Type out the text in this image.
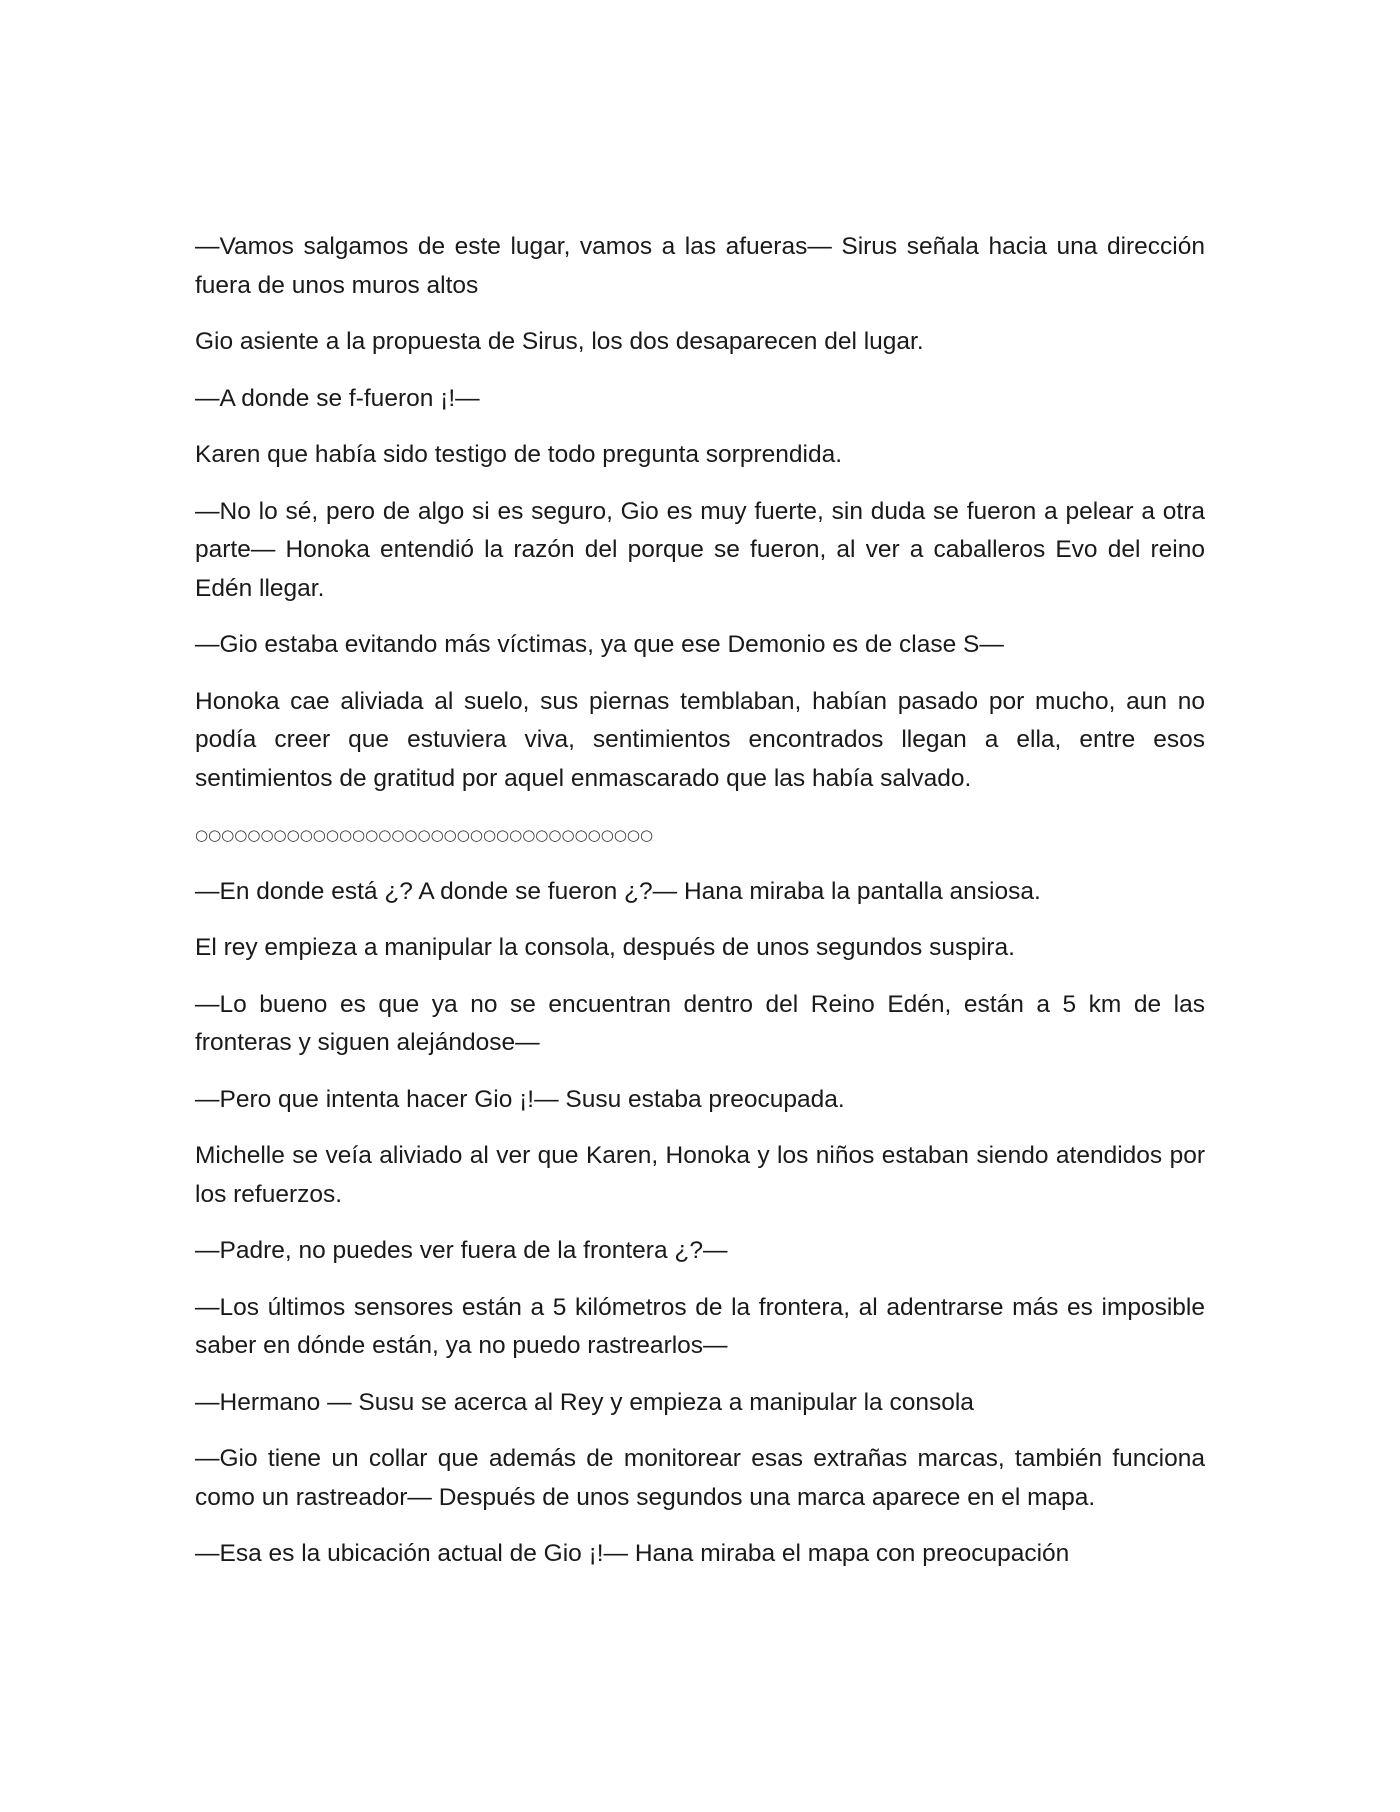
—Vamos salgamos de este lugar, vamos a las afueras— Sirus señala hacia una dirección fuera de unos muros altos

Gio asiente a la propuesta de Sirus, los dos desaparecen del lugar.

—A donde se f-fueron ¡!—

Karen que había sido testigo de todo pregunta sorprendida.

—No lo sé, pero de algo si es seguro, Gio es muy fuerte, sin duda se fueron a pelear a otra parte— Honoka entendió la razón del porque se fueron, al ver a caballeros Evo del reino Edén llegar.

—Gio estaba evitando más víctimas, ya que ese Demonio es de clase S—

Honoka cae aliviada al suelo, sus piernas temblaban, habían pasado por mucho, aun no podía creer que estuviera viva, sentimientos encontrados llegan a ella, entre esos sentimientos de gratitud por aquel enmascarado que las había salvado.

○○○○○○○○○○○○○○○○○○○○○○○○○○○○○○○○○○○

—En donde está ¿? A donde se fueron ¿?— Hana miraba la pantalla ansiosa.

El rey empieza a manipular la consola, después de unos segundos suspira.

—Lo bueno es que ya no se encuentran dentro del Reino Edén, están a 5 km de las fronteras y siguen alejándose—

—Pero que intenta hacer Gio ¡!— Susu estaba preocupada.

Michelle se veía aliviado al ver que Karen, Honoka y los niños estaban siendo atendidos por los refuerzos.

—Padre, no puedes ver fuera de la frontera ¿?—

—Los últimos sensores están a 5 kilómetros de la frontera, al adentrarse más es imposible saber en dónde están, ya no puedo rastrearlos—

—Hermano — Susu se acerca al Rey y empieza a manipular la consola

—Gio tiene un collar que además de monitorear esas extrañas marcas, también funciona como un rastreador— Después de unos segundos una marca aparece en el mapa.

—Esa es la ubicación actual de Gio ¡!— Hana miraba el mapa con preocupación
